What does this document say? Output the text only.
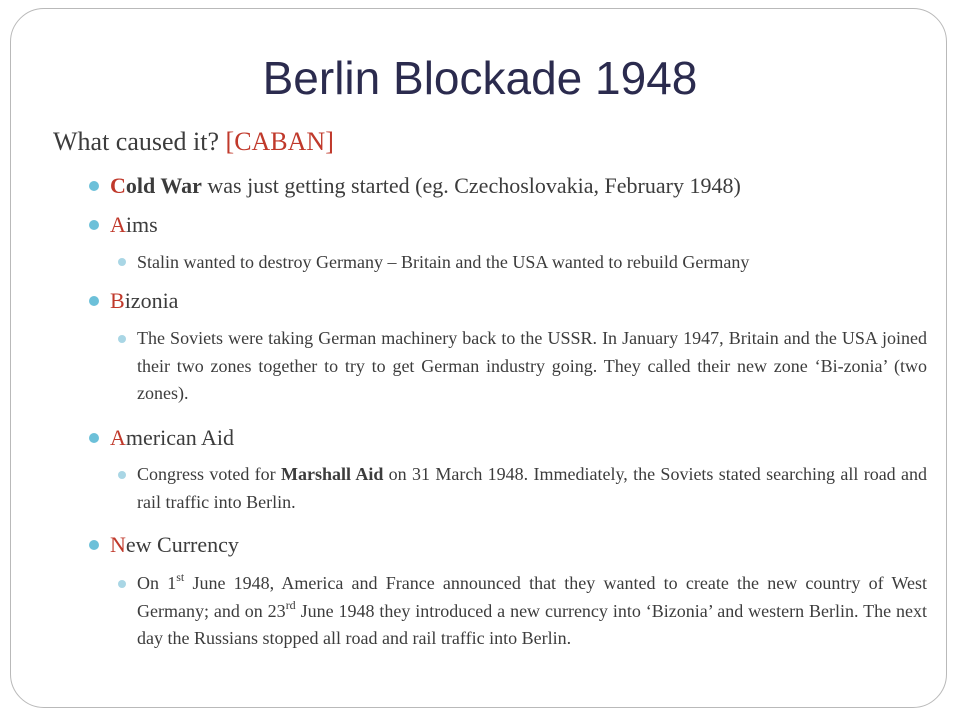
Berlin Blockade 1948
What caused it? [CABAN]
Cold War was just getting started (eg. Czechoslovakia, February 1948)
Aims
Stalin wanted to destroy Germany – Britain and the USA wanted to rebuild Germany
Bizonia
The Soviets were taking German machinery back to the USSR. In January 1947, Britain and the USA joined their two zones together to try to get German industry going. They called their new zone ‘Bi-zonia’ (two zones).
American Aid
Congress voted for Marshall Aid on 31 March 1948. Immediately, the Soviets stated searching all road and rail traffic into Berlin.
New Currency
On 1st June 1948, America and France announced that they wanted to create the new country of West Germany; and on 23rd June 1948 they introduced a new currency into ‘Bizonia’ and western Berlin. The next day the Russians stopped all road and rail traffic into Berlin.
